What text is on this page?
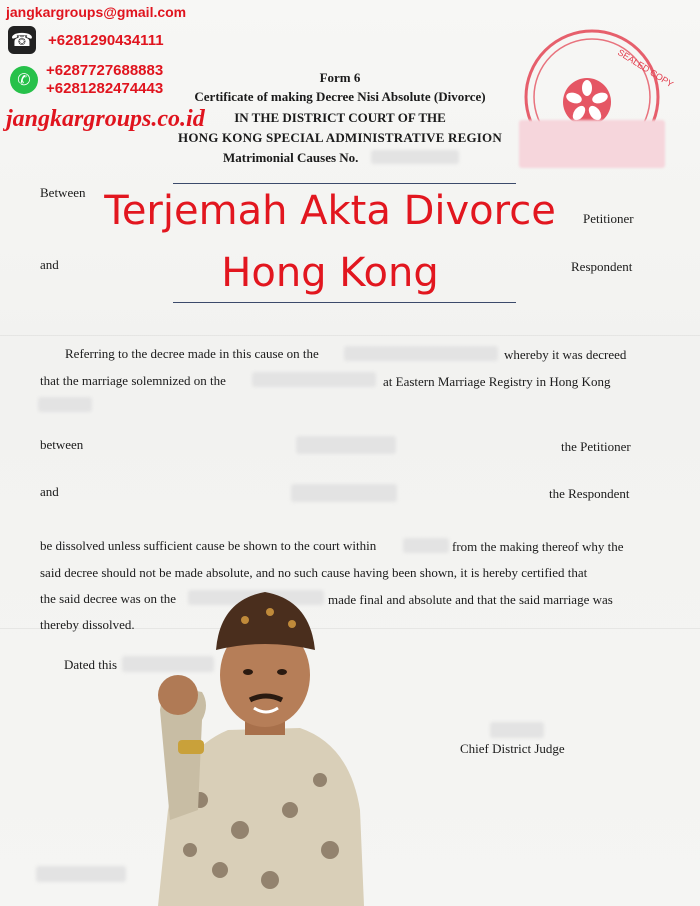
jangkargroups@gmail.com
☎ +6281290434111
✆
+6287727688883
+6281282474443
jangkargroups.co.id
Form 6
Certificate of making Decree Nisi Absolute (Divorce)
IN THE DISTRICT COURT OF THE
HONG KONG SPECIAL ADMINISTRATIVE REGION
Matrimonial Causes No.
SEALED COPY
Between
Petitioner
and	Respondent
Terjemah Akta Divorce
Hong Kong
Referring to the decree made in this cause on the	whereby it was decreed
that the marriage solemnized on the	at Eastern Marriage Registry in Hong Kong
between	the Petitioner
and	the Respondent
be dissolved unless sufficient cause be shown to the court within	from the making thereof why the
said decree should not be made absolute, and no such cause having been shown, it is hereby certified that
the said decree was on the	made final and absolute and that the said marriage was
thereby dissolved.
Dated this
Chief District Judge
